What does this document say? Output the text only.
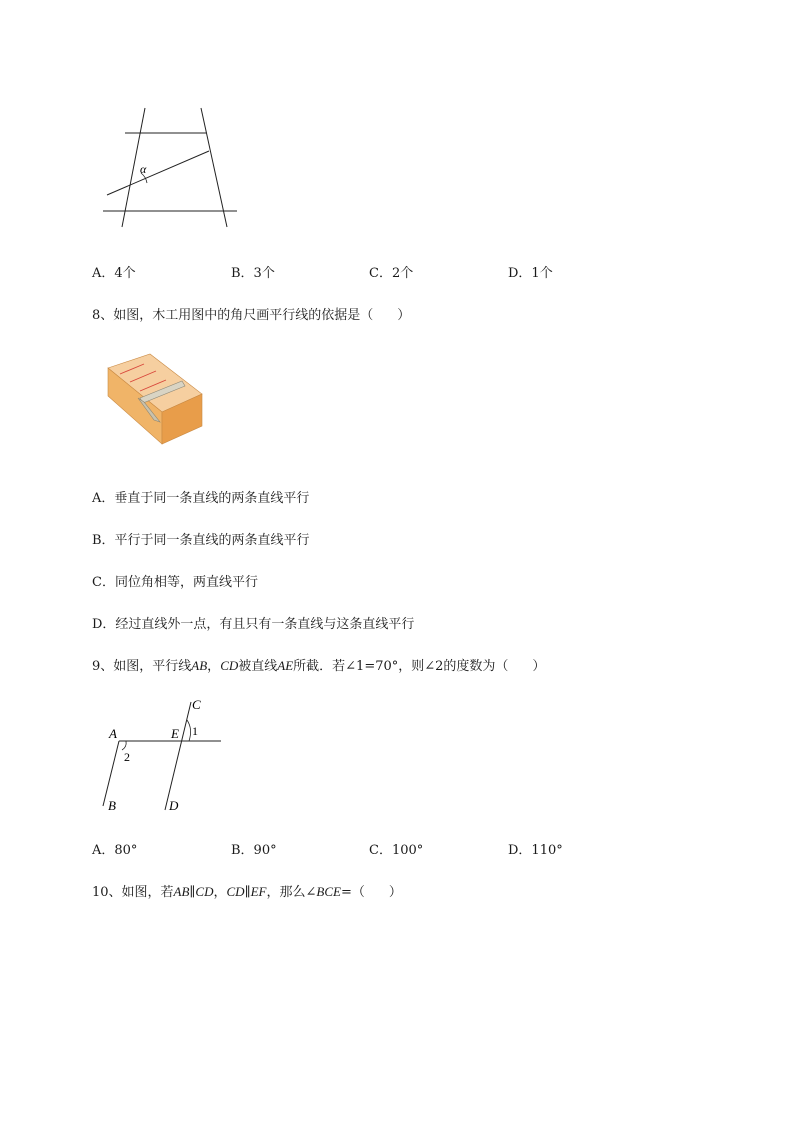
α
A．4个	B．3个	C．2个	D．1个
8、如图，木工用图中的角尺画平行线的依据是（ ）
A．垂直于同一条直线的两条直线平行
B．平行于同一条直线的两条直线平行
C．同位角相等，两直线平行
D．经过直线外一点，有且只有一条直线与这条直线平行
9、如图，平行线AB，CD被直线AE所截．若∠1=70°，则∠2的度数为（ ）
A
B
C
D
E 1
2
A．80°	B．90°	C．100°	D．110°
10、如图，若AB∥CD，CD∥EF，那么∠BCE=（ ）
